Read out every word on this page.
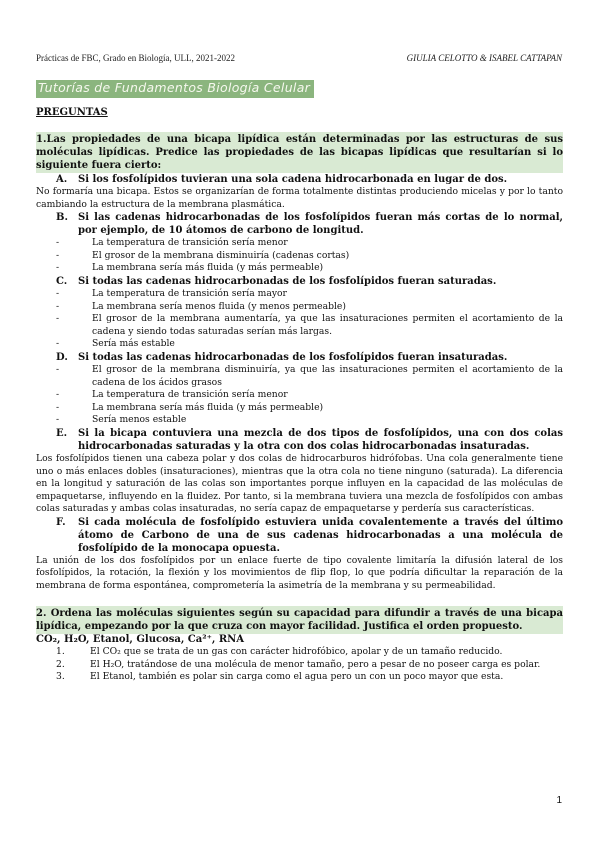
Prácticas de FBC, Grado en Biología, ULL, 2021-2022	GIULIA CELOTTO & ISABEL CATTAPAN
Tutorías de Fundamentos Biología Celular
PREGUNTAS
1.Las propiedades de una bicapa lipídica están determinadas por las estructuras de sus moléculas lipídicas. Predice las propiedades de las bicapas lipídicas que resultarían si lo siguiente fuera cierto:
A.	Si los fosfolípidos tuvieran una sola cadena hidrocarbonada en lugar de dos.

No formaría una bicapa. Estos se organizarían de forma totalmente distintas produciendo micelas y por lo tanto cambiando la estructura de la membrana plasmática.

B.	Si las cadenas hidrocarbonadas de los fosfolípidos fueran más cortas de lo normal, por ejemplo, de 10 átomos de carbono de longitud.
-	La temperatura de transición sería menor
-	El grosor de la membrana disminuiría (cadenas cortas)
-	La membrana sería más fluida (y más permeable)
C.	Si todas las cadenas hidrocarbonadas de los fosfolípidos fueran saturadas.
-	La temperatura de transición sería mayor
-	La membrana sería menos fluida (y menos permeable)
-	El grosor de la membrana aumentaría, ya que las insaturaciones permiten el acortamiento de la cadena y siendo todas saturadas serían más largas.
-	Sería más estable
D.	Si todas las cadenas hidrocarbonadas de los fosfolípidos fueran insaturadas.
-	El grosor de la membrana disminuiría, ya que las insaturaciones permiten el acortamiento de la cadena de los ácidos grasos
-	La temperatura de transición sería menor
-	La membrana sería más fluida (y más permeable)
-	Sería menos estable
E.	Si la bicapa contuviera una mezcla de dos tipos de fosfolípidos, una con dos colas hidrocarbonadas saturadas y la otra con dos colas hidrocarbonadas insaturadas.

Los fosfolípidos tienen una cabeza polar y dos colas de hidrocarburos hidrófobas. Una cola generalmente tiene uno o más enlaces dobles (insaturaciones), mientras que la otra cola no tiene ninguno (saturada). La diferencia en la longitud y saturación de las colas son importantes porque influyen en la capacidad de las moléculas de empaquetarse, influyendo en la fluidez. Por tanto, si la membrana tuviera una mezcla de fosfolípidos con ambas colas saturadas y ambas colas insaturadas, no sería capaz de empaquetarse y perdería sus características.

F.	Si cada molécula de fosfolípido estuviera unida covalentemente a través del último átomo de Carbono de una de sus cadenas hidrocarbonadas a una molécula de fosfolípido de la monocapa opuesta.

La unión de los dos fosfolípidos por un enlace fuerte de tipo covalente limitaría la difusión lateral de los fosfolípidos, la rotación, la flexión y los movimientos de flip flop, lo que podría dificultar la reparación de la membrana de forma espontánea, comprometería la asimetría de la membrana y su permeabilidad.

2. Ordena las moléculas siguientes según su capacidad para difundir a través de una bicapa lipídica, empezando por la que cruza con mayor facilidad. Justifica el orden propuesto.
CO₂, H₂O, Etanol, Glucosa, Ca²⁺, RNA
1.	El CO₂ que se trata de un gas con carácter hidrofóbico, apolar y de un tamaño reducido.
2.	El H₂O, tratándose de una molécula de menor tamaño, pero a pesar de no poseer carga es polar.
3.	El Etanol, también es polar sin carga como el agua pero un con un poco mayor que esta.
1
